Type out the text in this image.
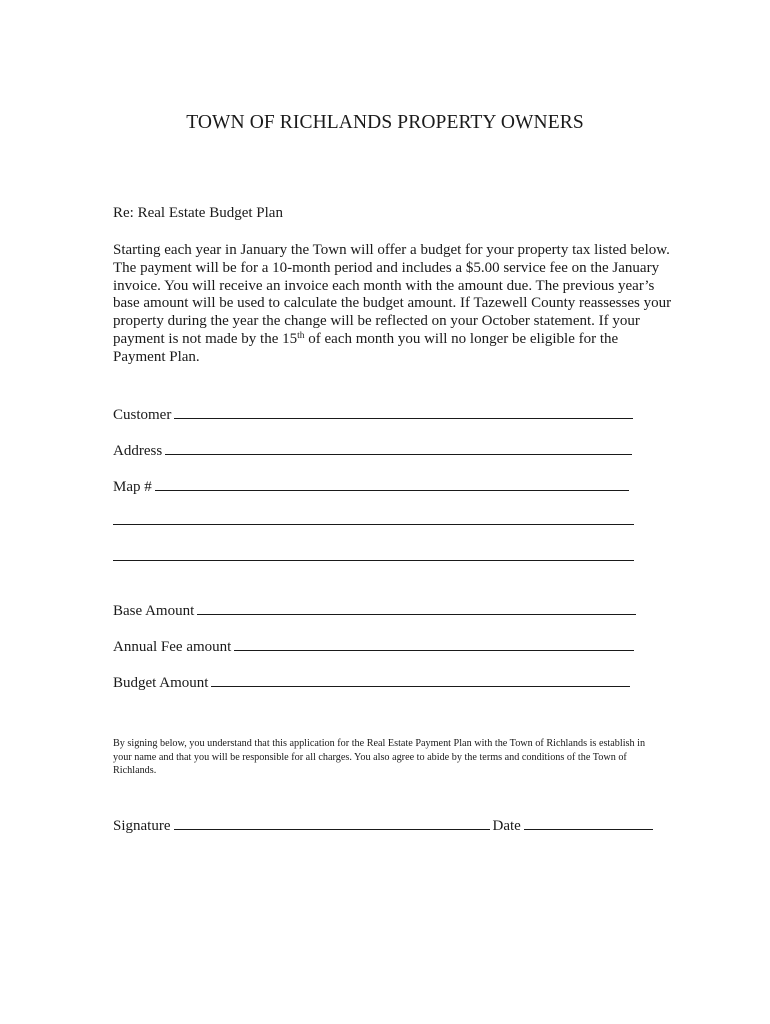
TOWN OF RICHLANDS PROPERTY OWNERS
Re: Real Estate Budget Plan
Starting each year in January the Town will offer a budget for your property tax listed below. The payment will be for a 10-month period and includes a $5.00 service fee on the January invoice. You will receive an invoice each month with the amount due. The previous year’s base amount will be used to calculate the budget amount. If Tazewell County reassesses your property during the year the change will be reflected on your October statement. If your payment is not made by the 15th of each month you will no longer be eligible for the Payment Plan.
Customer
Address
Map #
Base Amount
Annual Fee amount
Budget Amount
By signing below, you understand that this application for the Real Estate Payment Plan with the Town of Richlands is establish in your name and that you will be responsible for all charges. You also agree to abide by the terms and conditions of the Town of Richlands.
Signature	Date
